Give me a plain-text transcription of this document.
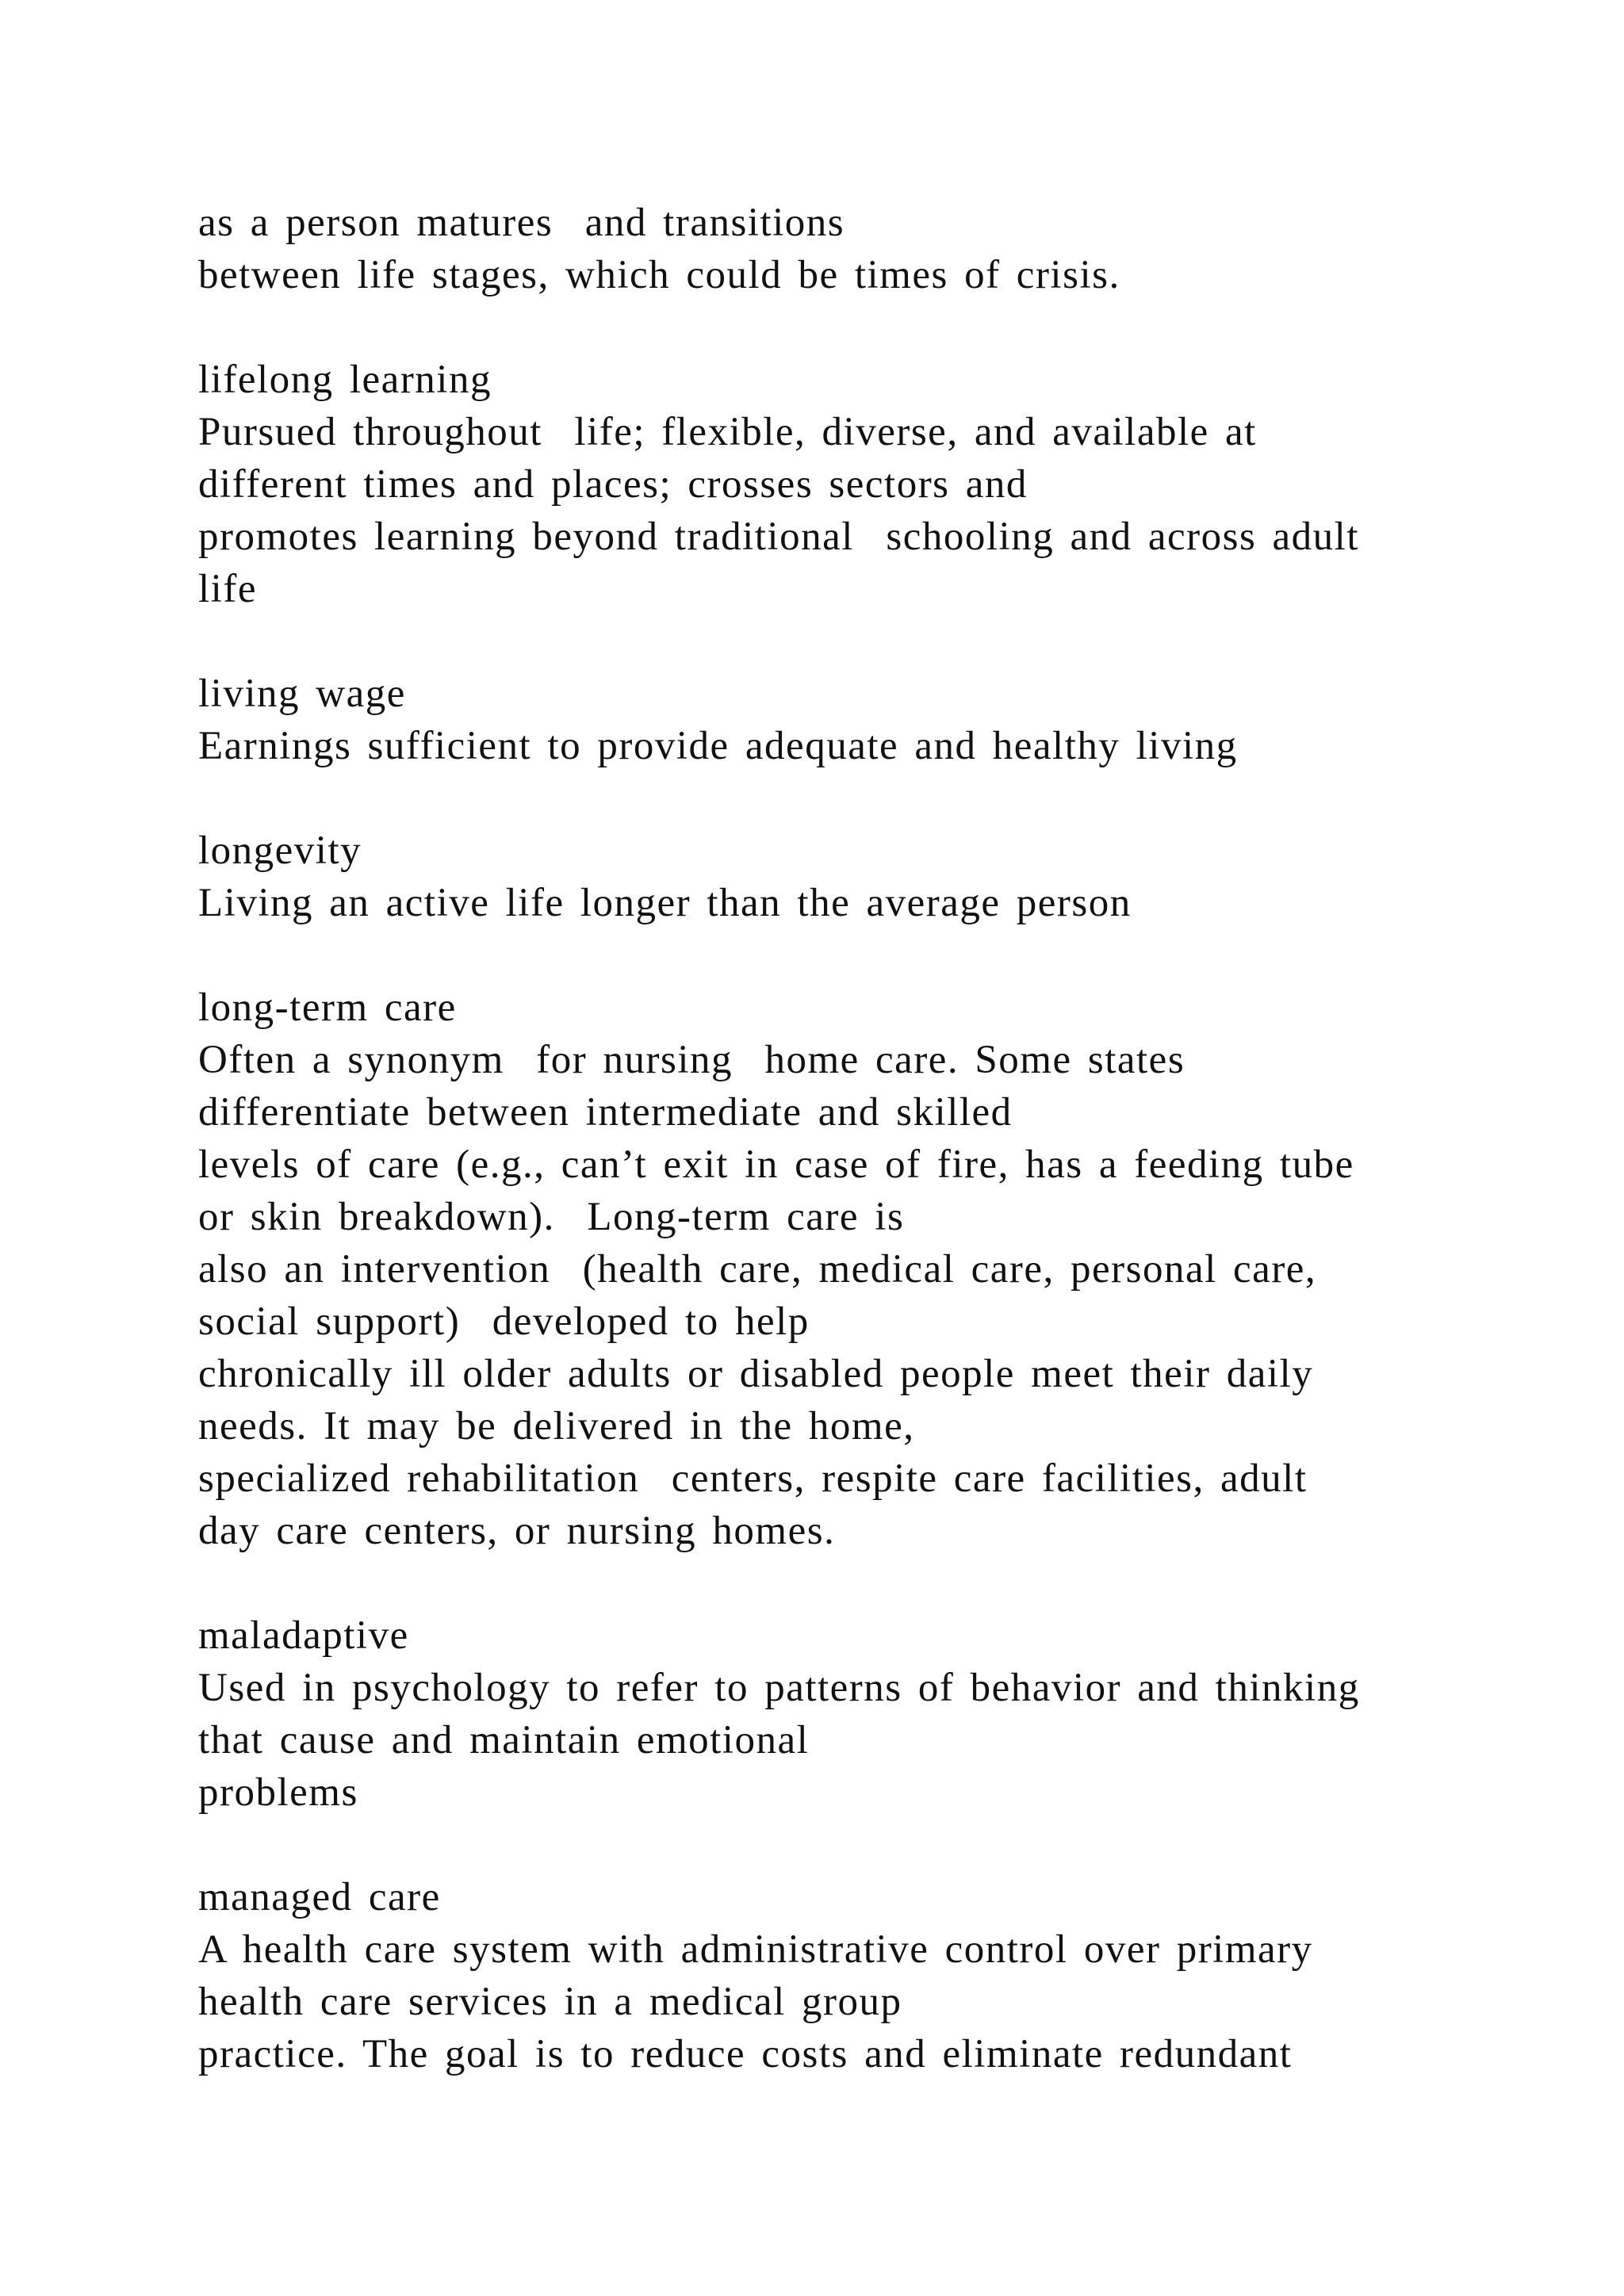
as a person matures  and transitions
between life stages, which could be times of crisis.
lifelong learning
Pursued throughout  life; flexible, diverse, and available at
different times and places; crosses sectors and
promotes learning beyond traditional  schooling and across adult
life
living wage
Earnings sufficient to provide adequate and healthy living
longevity
Living an active life longer than the average person
long-term care
Often a synonym  for nursing  home care. Some states
differentiate between intermediate and skilled
levels of care (e.g., can’t exit in case of fire, has a feeding tube
or skin breakdown).  Long-term care is
also an intervention  (health care, medical care, personal care,
social support)  developed to help
chronically ill older adults or disabled people meet their daily
needs. It may be delivered in the home,
specialized rehabilitation  centers, respite care facilities, adult
day care centers, or nursing homes.
maladaptive
Used in psychology to refer to patterns of behavior and thinking
that cause and maintain emotional
problems
managed care
A health care system with administrative control over primary
health care services in a medical group
practice. The goal is to reduce costs and eliminate redundant
